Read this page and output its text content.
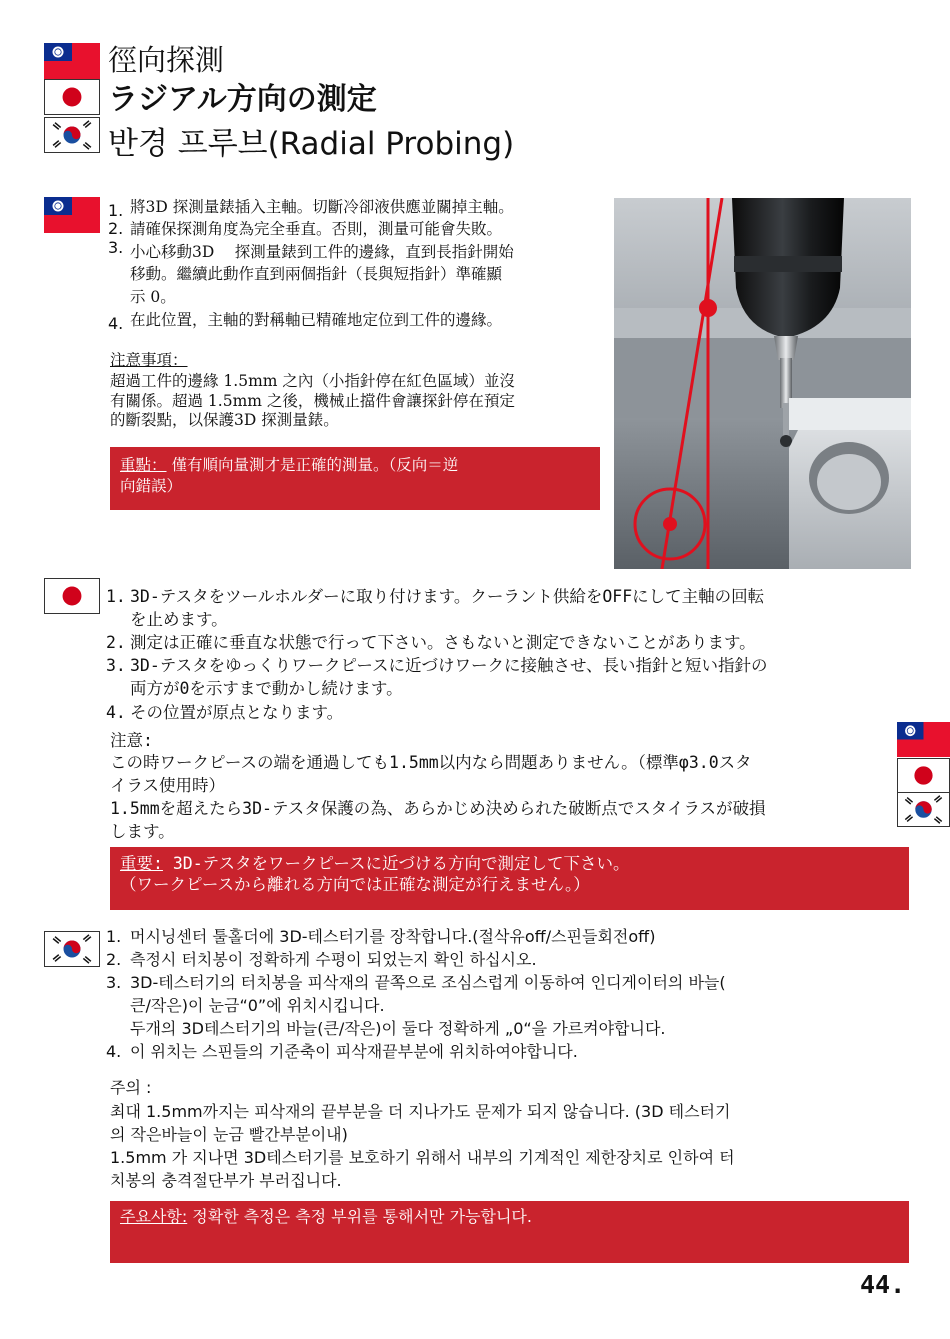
徑向探測
ラジアル方向の測定
반경 프루브(Radial Probing)
1. 將3D 探測量錶插入主軸。切斷冷卻液供應並關掉主軸。
2. 請確保探測角度為完全垂直。否則，測量可能會失敗。
3. 小心移動3D　 探測量錶到工件的邊緣，直到長指針開始
移動。繼續此動作直到兩個指針（長與短指針）準確顯
示 0。
4. 在此位置，主軸的對稱軸已精確地定位到工件的邊緣。
注意事項：
超過工件的邊緣 1.5mm 之內（小指針停在紅色區域）並沒
有關係。超過 1.5mm 之後，機械止擋件會讓探針停在預定
的斷裂點，以保護3D 探測量錶。
重點： 僅有順向量測才是正確的測量。（反向＝逆
向錯誤）
1. 3D-テスタをツールホルダーに取り付けます。クーラント供給をOFFにして主軸の回転
を止めます。
2. 測定は正確に垂直な状態で行って下さい。さもないと測定できないことがあります。
3. 3D-テスタをゆっくりワークピースに近づけワークに接触させ、長い指針と短い指針の
両方が0を示すまで動かし続けます。
4. その位置が原点となります。
注意:
この時ワークピースの端を通過しても1.5mm以内なら問題ありません。（標準φ3.0スタ
イラス使用時）
1.5mmを超えたら3D-テスタ保護の為、あらかじめ決められた破断点でスタイラスが破損
します。
重要: 3D-テスタをワークピースに近づける方向で測定して下さい。
（ワークピースから離れる方向では正確な測定が行えません。）
1. 머시닝센터 툴홀더에 3D-테스터기를 장착합니다.(절삭유off/스핀들회전off)
2. 측정시 터치봉이 정확하게 수평이 되었는지 확인 하십시오.
3. 3D-테스터기의 터치봉을 피삭재의 끝쪽으로 조심스럽게 이동하여 인디게이터의 바늘(
큰/작은)이 눈금“0”에 위치시킵니다.
두개의 3D테스터기의 바늘(큰/작은)이 둘다 정확하게 „0“을 가르켜야합니다.
4. 이 위치는 스핀들의 기준축이 피삭재끝부분에 위치하여야합니다.
주의 :
최대 1.5mm까지는 피삭재의 끝부분을 더 지나가도 문제가 되지 않습니다. (3D 테스터기
의 작은바늘이 눈금 빨간부분이내)
1.5mm 가 지나면 3D테스터기를 보호하기 위해서 내부의 기계적인 제한장치로 인하여 터
치봉의 충격절단부가 부러집니다.
주요사항: 정확한 측정은 측정 부위를 통해서만 가능합니다.
44.
